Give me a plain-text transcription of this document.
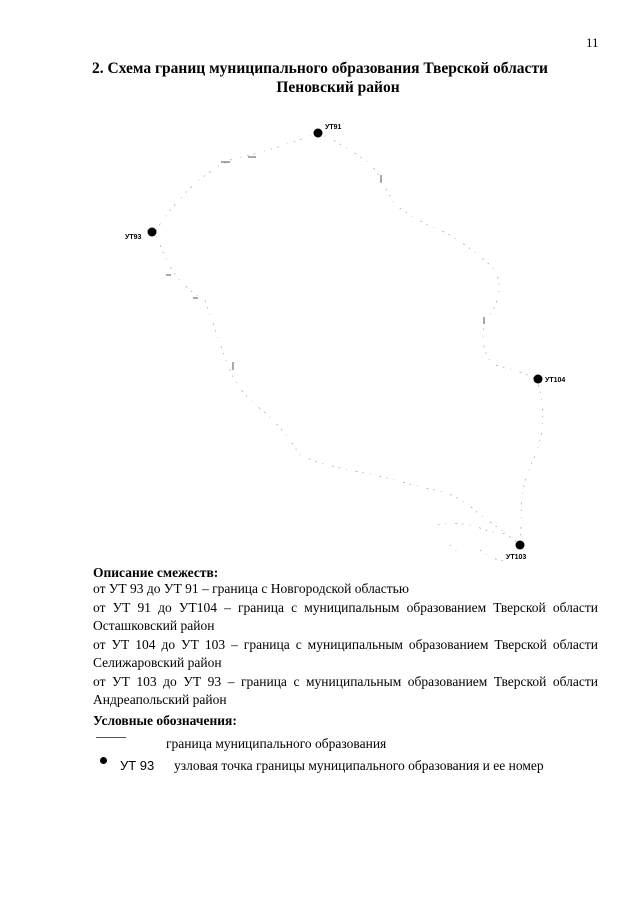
11
2. Схема границ муниципального образования Тверской области
Пеновский район
УТ91
УТ93
УТ104
УТ103
Описание смежеств:
от УТ 93 до УТ 91 – граница с Новгородской областью
от УТ 91 до УТ104 – граница с муниципальным образованием Тверской области
Осташковский район
от УТ 104 до УТ 103 – граница с муниципальным образованием Тверской области
Селижаровский район
от УТ 103 до УТ 93 – граница с муниципальным образованием Тверской области
Андреапольский район
Условные обозначения:
граница муниципального образования
УТ 93 узловая точка границы муниципального образования и ее номер
